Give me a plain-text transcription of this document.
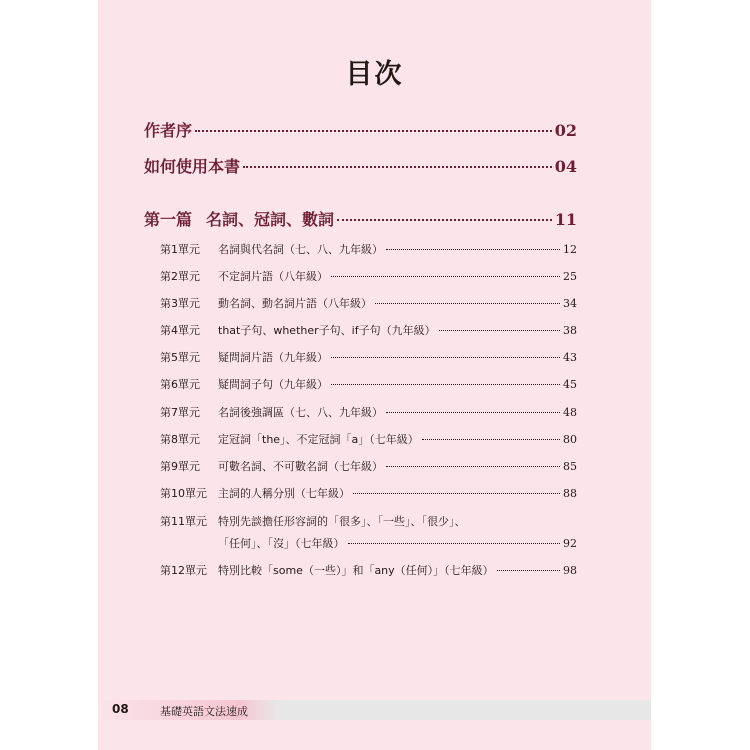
目次
作者序	02
如何使用本書	04
第一篇 名詞、冠詞、數詞	11
第1單元	名詞與代名詞（七、八、九年級）	12
第2單元	不定詞片語（八年級）	25
第3單元	動名詞、動名詞片語（八年級）	34
第4單元	that子句、whether子句、if子句（九年級）	38
第5單元	疑問詞片語（九年級）	43
第6單元	疑問詞子句（九年級）	45
第7單元	名詞後強調區（七、八、九年級）	48
第8單元	定冠詞「the」、不定冠詞「a」（七年級）	80
第9單元	可數名詞、不可數名詞（七年級）	85
第10單元	主詞的人稱分別（七年級）	88
第11單元	特別先談擔任形容詞的「很多」、「一些」、「很少」、
「任何」、「沒」（七年級）	92
第12單元	特別比較「some（一些）」和「any（任何）」（七年級）	98
08	基礎英語文法速成
